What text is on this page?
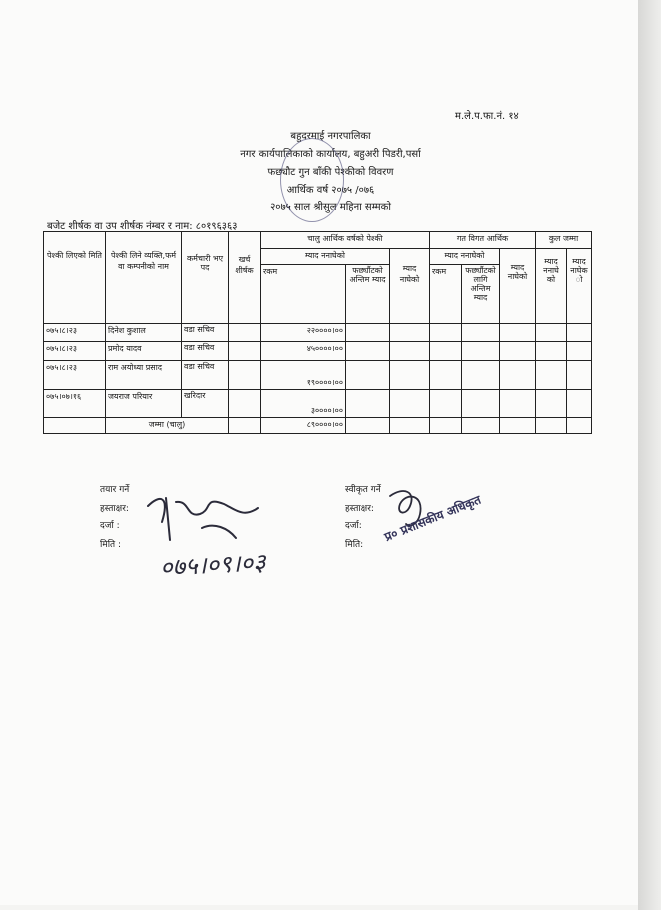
म.ले.प.फा.नं. १४
बहुदरमाई नगरपालिका
नगर कार्यपालिकाको कार्यालय, बहुअरी पिडरी,पर्सा
फछ्यौट गुन बाँकी पेश्कीको विवरण
आर्थिक वर्ष २०७५ /०७६
२०७५ साल श्रीसुल महिना सम्मको
बजेट शीर्षक वा उप शीर्षक नंम्बर र नाम: ८०१९६३६३
पेश्की लिएको मिति	पेश्की लिने व्यक्ति,फर्म वा कम्पनीको नाम	कर्मचारी भए पद	खर्च शीर्षक	चालु आर्थिक वर्षको पेश्की			गत विगत आर्थिक			कुल जम्मा	
				म्याद ननाघेको		म्याद नाघेको	म्याद ननाघेको		म्याद नाघेको	म्याद ननाघे को	म्याद नाघेक ो
				रकम	फर्छ्यौटको अन्तिम म्याद		रकम	फर्छ्यौटको लागि अन्तिम म्याद			
०७५।८।२३	दिनेश कुशाल	वडा सचिव		२२००००।००							
०७५।८।२३	प्रमोद यादव	वडा सचिव		४५००००।००							
०७५।८।२३	राम अयोध्या प्रसाद	वडा सचिव		१९००००।००							
०७५।०७।१६	जयराज परियार	खरिदार		३००००।००							
	जम्मा (चालु)			८९००००।००							
तयार गर्ने
हस्ताक्षर:
दर्जा :
मिति :
०७५।०९।०३
स्वीकृत गर्ने
हस्ताक्षर:
दर्जा:
मिति:
प्र० प्रशासकीय अधिकृत
